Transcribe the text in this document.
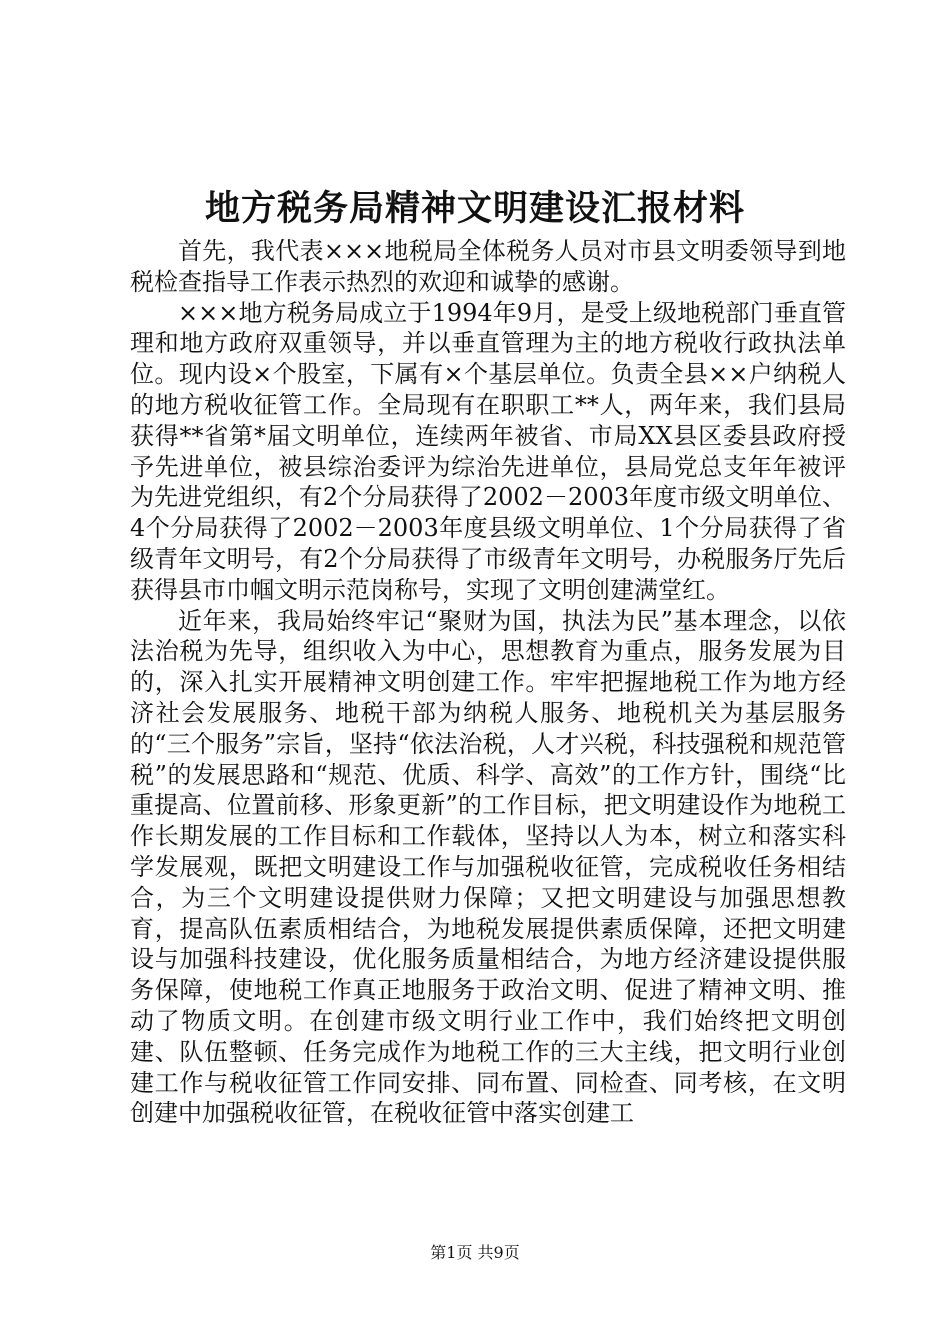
地方税务局精神文明建设汇报材料

首先，我代表×××地税局全体税务人员对市县文明委领导到地税检查指导工作表示热烈的欢迎和诚挚的感谢。

×××地方税务局成立于1994年9月，是受上级地税部门垂直管理和地方政府双重领导，并以垂直管理为主的地方税收行政执法单位。现内设×个股室，下属有×个基层单位。负责全县××户纳税人的地方税收征管工作。全局现有在职职工**人，两年来，我们县局获得**省第*届文明单位，连续两年被省、市局XX县区委县政府授予先进单位，被县综治委评为综治先进单位，县局党总支年年被评为先进党组织，有2个分局获得了2002－2003年度市级文明单位、4个分局获得了2002－2003年度县级文明单位、1个分局获得了省级青年文明号，有2个分局获得了市级青年文明号，办税服务厅先后获得县市巾帼文明示范岗称号，实现了文明创建满堂红。

近年来，我局始终牢记“聚财为国，执法为民”基本理念，以依法治税为先导，组织收入为中心，思想教育为重点，服务发展为目的，深入扎实开展精神文明创建工作。牢牢把握地税工作为地方经济社会发展服务、地税干部为纳税人服务、地税机关为基层服务的“三个服务”宗旨，坚持“依法治税，人才兴税，科技强税和规范管税”的发展思路和“规范、优质、科学、高效”的工作方针，围绕“比重提高、位置前移、形象更新”的工作目标，把文明建设作为地税工作长期发展的工作目标和工作载体，坚持以人为本，树立和落实科学发展观，既把文明建设工作与加强税收征管，完成税收任务相结合，为三个文明建设提供财力保障；又把文明建设与加强思想教育，提高队伍素质相结合，为地税发展提供素质保障，还把文明建设与加强科技建设，优化服务质量相结合，为地方经济建设提供服务保障，使地税工作真正地服务于政治文明、促进了精神文明、推动了物质文明。在创建市级文明行业工作中，我们始终把文明创建、队伍整顿、任务完成作为地税工作的三大主线，把文明行业创建工作与税收征管工作同安排、同布置、同检查、同考核，在文明创建中加强税收征管，在税收征管中落实创建工

第1页 共9页
